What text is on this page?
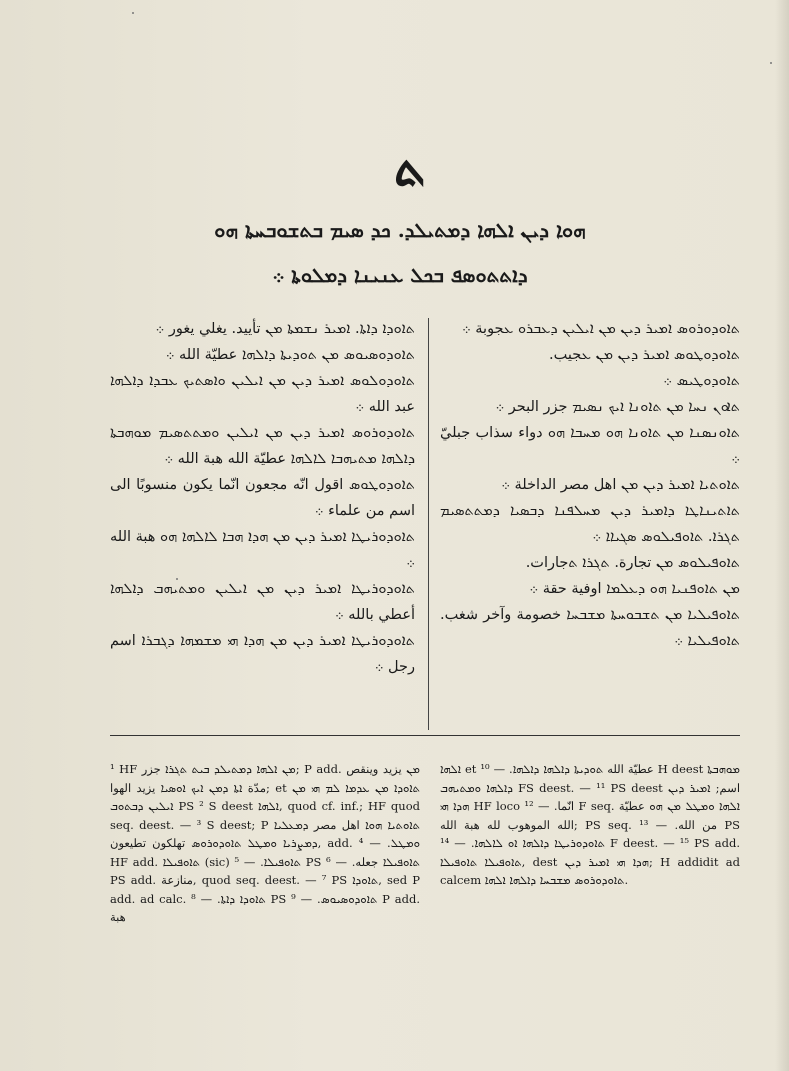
ܬ
ܗܘܐ ܕܝܢ ܐܠܗܐ ܕܡܬܝܠܕ. ܟܕ ܣܝܡ ܒܬܫܘܒܚܬܐ ܗܘ
ܕܐܬܬܘܣܦ ܒܟܠ ܥܢܝܢܐ ܕܡܠܘܬܐ ܀
ܬܐܘܕܘܪܘܣ ܐܡܝܪ ܕܝܢ ܡܢ ܐܝܠܝܢ ܕܥܒܪܘ ܥجوبة ܀
ܬܐܘܕܘܛܘܣ ܐܡܝܪ ܕܝܢ ܡܢ ܥجيب.
ܬܐܘܕܘܛܝܣ ܀
ܬܐܘܢ ܢܚܐ ܡܢ ܬܐܘܢܐ ܐܝܟ ܢܣܝܡ جزر البحر ܀
ܬܐܘܢܣܢܐ ܡܢ ܬܐܘܢܐ ܗܘ ܡܚܒܐ ܗܘ دواء سذاب جبليّ ܀
ܬܐܘܬܝܐ ܐܡܝܪ ܕܝܢ ܡܢ اهل مصر الداخلة ܀
ܬܐܬܝܢܐܛܐ ܕܐܡܝܪ ܕܝܢ ܡܚܠܦܢܐ ܕܒܣܝܐ ܕܡܬܬܣܝܡ ܬܓܪܐ. ܬܐܘܦܝܠܘܣ ܣܓܝܐܐ ܀
ܬܐܘܦܝܠܘܣ ܡܢ تجارة. ܬܓܪܐ ܬجارات.
ܡܢ ܬܐܘܦܢܝܐ ܗܘ ܕܥܠܡܐ اوفية حقة ܀
ܬܐܘܦܝܠܝܐ ܡܢ ܬܫܒܘܚܬܐ ܡܫܒܚܐ خصومة وآخر شغب. ܬܐܘܦܝܠܝܐ ܀
ܬܐܘܕܐ ܕܐܬܐ. ܐܡܝܪ ܢܫܡܬܐ ܡܢ تأييد. يغلي يغور ܀
ܬܐܘܕܘܣܝܘܣ ܡܢ ܬܘܕܝܬܐ ܕܐܠܗܐ عطيّة الله ܀
ܬܐܘܕܘܠܘܣ ܐܡܝܪ ܕܝܢ ܡܢ ܐܝܠܝܢ ܘܐܣܬܝܟ ܥܒܕܐ ܕܐܠܗܐ عبد الله ܀
ܬܐܘܕܘܪܘܣ ܐܡܝܪ ܕܝܢ ܡܢ ܐܝܠܝܢ ܘܡܬܬܣܝܡ ܡܘܗܒܬܐ ܕܐܠܗܐ ܡܬܝܗܒܐ ܠܐܠܗܐ عطيّة الله هبة الله ܀
ܬܐܘܕܘܛܘܣ اقول انّه مجعون انّما يكون منسوبًا الى اسم من علماء ܀
ܬܐܘܕܘܪܝܛܐ ܐܡܝܪ ܕܝܢ ܡܢ ܗܕܐ ܗܒܐ ܠܐܠܗܐ ܗܘ هبة الله ܀
ܬܐܘܕܘܪܝܛܐ ܐܡܝܪ ܕܝܢ ܡܢ ܐܝܠܝܢ ܘܡܬܝܗܒ ܕܐܠܗܐ أعطي بالله ܀
ܬܐܘܕܘܪܝܛܐ ܐܡܝܪ ܕܝܢ ܡܢ ܗܕܐ ܗܝ ܡܫܡܗܐ ܕܓܒܪܐ اسم رجل ܀

¹ HF ܡܢ ܐܠܗܐ ܕܡܬܝܠܕ ܒܝܬ ܬܓܪܐ جزر; P add. ܡܢ يزيد وينقص مدّة ܐܬܐ ܕܡܢ ܐܝܟ ܐܘܣܝܐ يزيد الهوا; et ܬܐܘܕܐ ܡܢ ܥܕܡܐ ܠܡ ܗܝ ܡܢ ܐܝܠܝܢ ܕܒܬܘܒ PS ² S deest ܐܠܗܐ, quod cf. inf.; HF quod seq. deest. — ³ S deest; P ܬܐܘܬܝܐ ܗܘܐ اهل مصر ܕܡܥܠܝܐ ܕܡܨܪܝܐ ܘܡܛܠ ܬܐܘܕܘܪܘܣ تهلكون تطيعون, add. ܘܡܛܠ. — ⁴ HF add. ܬܐܘܦܝܠܐ (sic) ܬܐܘܦܝܠܐ. — ⁵ PS ܬܐܘܦܝܠܐ جعله. — ⁶ PS add. منازعة, quod seq. deest. — ⁷ PS ܬܐܘܕܐ, sed P add. ad calc. ܬܐܘܕܐ ܕܐܬܐ. — ⁸ PS ܬܐܘܕܘܣܝܘܣ. — ⁹ P add. هبة

ܐܠܗܐ et عطيّة الله ܬܘܕܝܬܐ ܕܐܠܗܐ ܕܐܠܗܐ. — ¹⁰ H deest ܡܘܗܒܬܐ ܕܐܠܗܐ ܘܡܬܝܗܒ FS deest. — ¹¹ PS deest اسم; ܐܡܝܪ ܕܝܢ ܗܕܐ ܗܝ HF loco انّما. — ¹² F seq. ܐܠܗܐ ܘܡܛܠ ܡܢ ܗܘ عطيّة الله الموهوب لله هبة الله; PS seq. من الله. — ¹³ PS ܬܐܘܕܘܪܝܛܐ ܕܐܠܗܐ ܐܘ ܠܐܠܗܐ. — ¹⁴ F deest. — ¹⁵ PS add. ܬܐܘܦܝܠܐ ܬܐܘܦܝܠܐ, dest ܗܕܐ ܗܝ ܐܡܝܪ ܕܝܢ; H addidit ad calcem ܬܐܘܕܘܪܘܣ ܡܫܒܚܐ ܕܐܠܗܐ ܐܠܗܐ.
